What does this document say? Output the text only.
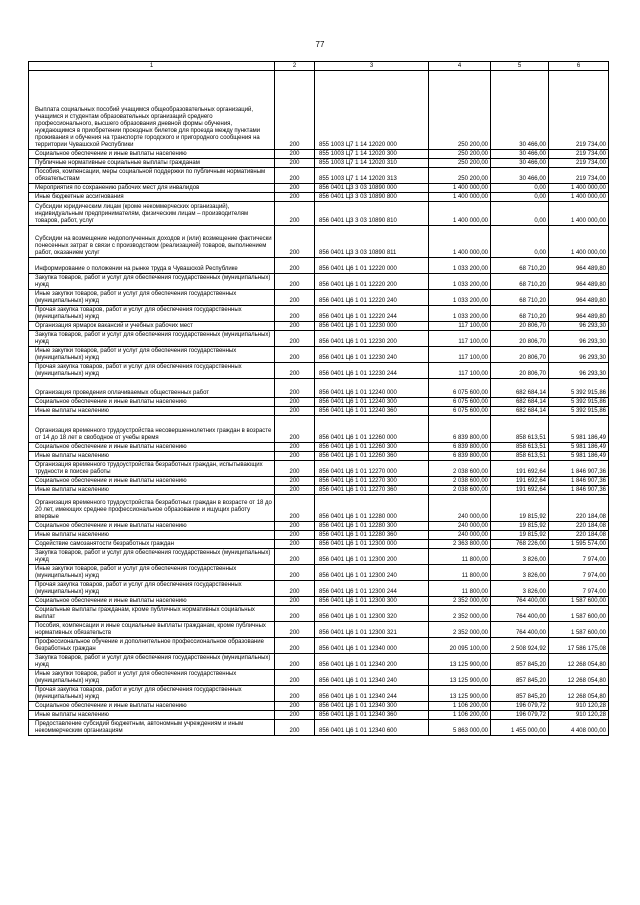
77
1	2	3	4	5	6
Выплата социальных пособий учащимся общеобразовательных организаций, учащимся и студентам образовательных организаций среднего профессионального, высшего образования дневной формы обучения, нуждающимся в приобретении проездных билетов для проезда между пунктами проживания и обучения на транспорте городского и пригородного сообщения на территории Чувашской Республики	200	855 1003 Ц7 1 14 12020 000	250 200,00	30 466,00	219 734,00
Социальное обеспечение и иные выплаты населению	200	855 1003 Ц7 1 14 12020 300	250 200,00	30 466,00	219 734,00
Публичные нормативные социальные выплаты гражданам	200	855 1003 Ц7 1 14 12020 310	250 200,00	30 466,00	219 734,00
Пособия, компенсации, меры социальной поддержки по публичным нормативным обязательствам	200	855 1003 Ц7 1 14 12020 313	250 200,00	30 466,00	219 734,00
Мероприятия по сохранению рабочих мест для инвалидов	200	856 0401 Ц3 3 03 10890 000	1 400 000,00	0,00	1 400 000,00
Иные бюджетные ассигнования	200	856 0401 Ц3 3 03 10890 800	1 400 000,00	0,00	1 400 000,00
Субсидии юридическим лицам (кроме некоммерческих организаций), индивидуальным предпринимателям, физическим лицам – производителям товаров, работ, услуг	200	856 0401 Ц3 3 03 10890 810	1 400 000,00	0,00	1 400 000,00
Субсидии на возмещение недополученных доходов и (или) возмещение фактически понесенных затрат в связи с производством (реализацией) товаров, выполнением работ, оказанием услуг	200	856 0401 Ц3 3 03 10890 811	1 400 000,00	0,00	1 400 000,00
Информирование о положении на рынке труда в Чувашской Республике	200	856 0401 Ц6 1 01 12220 000	1 033 200,00	68 710,20	964 489,80
Закупка товаров, работ и услуг для обеспечения государственных (муниципальных) нужд	200	856 0401 Ц6 1 01 12220 200	1 033 200,00	68 710,20	964 489,80
Иные закупки товаров, работ и услуг для обеспечения государственных (муниципальных) нужд	200	856 0401 Ц6 1 01 12220 240	1 033 200,00	68 710,20	964 489,80
Прочая закупка товаров, работ и услуг для обеспечения государственных (муниципальных) нужд	200	856 0401 Ц6 1 01 12220 244	1 033 200,00	68 710,20	964 489,80
Организация ярмарок вакансий и учебных рабочих мест	200	856 0401 Ц6 1 01 12230 000	117 100,00	20 806,70	96 293,30
Закупка товаров, работ и услуг для обеспечения государственных (муниципальных) нужд	200	856 0401 Ц6 1 01 12230 200	117 100,00	20 806,70	96 293,30
Иные закупки товаров, работ и услуг для обеспечения государственных (муниципальных) нужд	200	856 0401 Ц6 1 01 12230 240	117 100,00	20 806,70	96 293,30
Прочая закупка товаров, работ и услуг для обеспечения государственных (муниципальных) нужд	200	856 0401 Ц6 1 01 12230 244	117 100,00	20 806,70	96 293,30
Организация проведения оплачиваемых общественных работ	200	856 0401 Ц6 1 01 12240 000	6 075 600,00	682 684,14	5 392 915,86
Социальное обеспечение и иные выплаты населению	200	856 0401 Ц6 1 01 12240 300	6 075 600,00	682 684,14	5 392 915,86
Иные выплаты населению	200	856 0401 Ц6 1 01 12240 360	6 075 600,00	682 684,14	5 392 915,86
Организация временного трудоустройства несовершеннолетних граждан в возрасте от 14 до 18 лет в свободное от учебы время	200	856 0401 Ц6 1 01 12260 000	6 839 800,00	858 613,51	5 981 186,49
Социальное обеспечение и иные выплаты населению	200	856 0401 Ц6 1 01 12260 300	6 839 800,00	858 613,51	5 981 186,49
Иные выплаты населению	200	856 0401 Ц6 1 01 12260 360	6 839 800,00	858 613,51	5 981 186,49
Организация временного трудоустройства безработных граждан, испытывающих трудности в поиске работы	200	856 0401 Ц6 1 01 12270 000	2 038 600,00	191 692,64	1 846 907,36
Социальное обеспечение и иные выплаты населению	200	856 0401 Ц6 1 01 12270 300	2 038 600,00	191 692,64	1 846 907,36
Иные выплаты населению	200	856 0401 Ц6 1 01 12270 360	2 038 600,00	191 692,64	1 846 907,36
Организация временного трудоустройства безработных граждан в возрасте от 18 до 20 лет, имеющих среднее профессиональное образование и ищущих работу впервые	200	856 0401 Ц6 1 01 12280 000	240 000,00	19 815,92	220 184,08
Социальное обеспечение и иные выплаты населению	200	856 0401 Ц6 1 01 12280 300	240 000,00	19 815,92	220 184,08
Иные выплаты населению	200	856 0401 Ц6 1 01 12280 360	240 000,00	19 815,92	220 184,08
Содействие самозанятости безработных граждан	200	856 0401 Ц6 1 01 12300 000	2 363 800,00	768 226,00	1 595 574,00
Закупка товаров, работ и услуг для обеспечения государственных (муниципальных) нужд	200	856 0401 Ц6 1 01 12300 200	11 800,00	3 826,00	7 974,00
Иные закупки товаров, работ и услуг для обеспечения государственных (муниципальных) нужд	200	856 0401 Ц6 1 01 12300 240	11 800,00	3 826,00	7 974,00
Прочая закупка товаров, работ и услуг для обеспечения государственных (муниципальных) нужд	200	856 0401 Ц6 1 01 12300 244	11 800,00	3 826,00	7 974,00
Социальное обеспечение и иные выплаты населению	200	856 0401 Ц6 1 01 12300 300	2 352 000,00	764 400,00	1 587 600,00
Социальные выплаты гражданам, кроме публичных нормативных социальных выплат	200	856 0401 Ц6 1 01 12300 320	2 352 000,00	764 400,00	1 587 600,00
Пособия, компенсации и иные социальные выплаты гражданам, кроме публичных нормативных обязательств	200	856 0401 Ц6 1 01 12300 321	2 352 000,00	764 400,00	1 587 600,00
Профессиональное обучение и дополнительное профессиональное образование безработных граждан	200	856 0401 Ц6 1 01 12340 000	20 095 100,00	2 508 924,92	17 586 175,08
Закупка товаров, работ и услуг для обеспечения государственных (муниципальных) нужд	200	856 0401 Ц6 1 01 12340 200	13 125 900,00	857 845,20	12 268 054,80
Иные закупки товаров, работ и услуг для обеспечения государственных (муниципальных) нужд	200	856 0401 Ц6 1 01 12340 240	13 125 900,00	857 845,20	12 268 054,80
Прочая закупка товаров, работ и услуг для обеспечения государственных (муниципальных) нужд	200	856 0401 Ц6 1 01 12340 244	13 125 900,00	857 845,20	12 268 054,80
Социальное обеспечение и иные выплаты населению	200	856 0401 Ц6 1 01 12340 300	1 106 200,00	196 079,72	910 120,28
Иные выплаты населению	200	856 0401 Ц6 1 01 12340 360	1 106 200,00	196 079,72	910 120,28
Предоставление субсидий бюджетным, автономным учреждениям и иным некоммерческим организациям	200	856 0401 Ц6 1 01 12340 600	5 863 000,00	1 455 000,00	4 408 000,00
